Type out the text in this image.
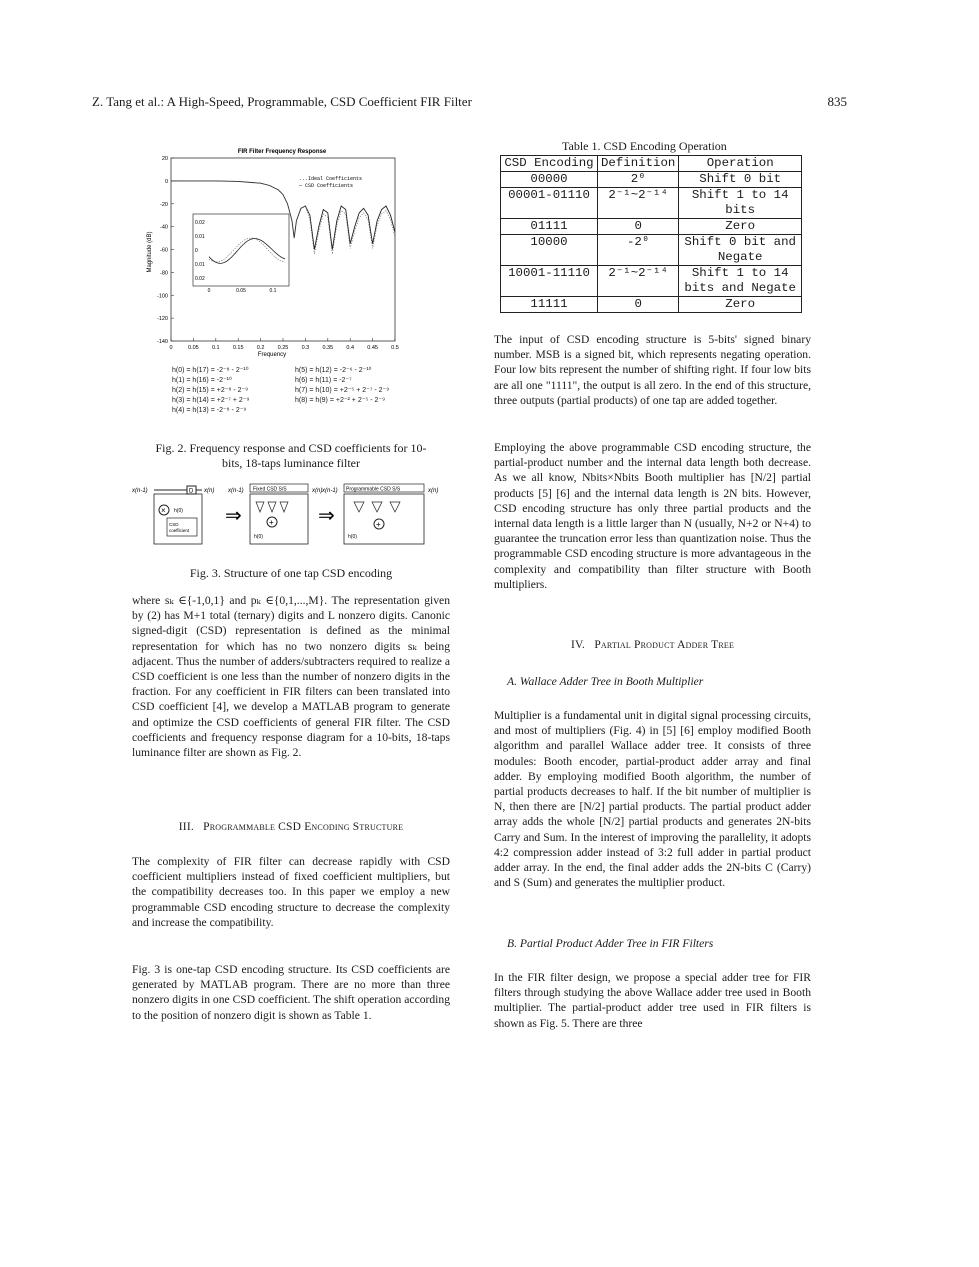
Z. Tang et al.: A High-Speed, Programmable, CSD Coefficient FIR Filter	835
FIR Filter Frequency Response
20
0
-20
-40
-60
-80
-100
-120
-140
0	0.05 0.1 0.15 0.2 0.25 0.3 0.35 0.4 0.45 0.5
Magnitude (dB)
Frequency
...Ideal Coefficients
— CSD Coefficients
0.02
0.01
0
0.01
0.02
0	0.05	0.1
h(0) = h(17) = -2⁻⁸ - 2⁻¹⁰
h(1) = h(16) = -2⁻¹⁰
h(2) = h(15) = +2⁻⁸ - 2⁻⁹
h(3) = h(14) = +2⁻⁷ + 2⁻⁹
h(4) = h(13) = -2⁻⁸ - 2⁻⁹
h(5) = h(12) = -2⁻⁶ - 2⁻¹⁰
h(6) = h(11) = -2⁻⁷
h(7) = h(10) = +2⁻⁵ + 2⁻⁷ - 2⁻⁹
h(8) = h(9) = +2⁻² + 2⁻⁵ - 2⁻⁹
Fig. 2. Frequency response and CSD coefficients for 10-
bits, 18-taps luminance filter
x(n-1)	D x(n)
× h(0)
CSD
coefficient
⇒
x(n-1) Fixed CSD S/S	x(n)
+
h(0)
⇒
x(n-1) Programmable CSD S/S	x(n)
+
h(0)
Fig. 3. Structure of one tap CSD encoding

where sₖ ∈{-1,0,1} and pₖ ∈{0,1,...,M}. The representation given by (2) has M+1 total (ternary) digits and L nonzero digits. Canonic signed-digit (CSD) representation is defined as the minimal representation for which has no two nonzero digits sₖ being adjacent. Thus the number of adders/subtracters required to realize a CSD coefficient is one less than the number of nonzero digits in the fraction. For any coefficient in FIR filters can been translated into CSD coefficient [4], we develop a MATLAB program to generate and optimize the CSD coefficients of general FIR filter. The CSD coefficients and frequency response diagram for a 10-bits, 18-taps luminance filter are shown as Fig. 2.

III. Programmable CSD Encoding Structure

The complexity of FIR filter can decrease rapidly with CSD coefficient multipliers instead of fixed coefficient multipliers, but the compatibility decreases too. In this paper we employ a new programmable CSD encoding structure to decrease the complexity and increase the compatibility.

Fig. 3 is one-tap CSD encoding structure. Its CSD coefficients are generated by MATLAB program. There are no more than three nonzero digits in one CSD coefficient. The shift operation according to the position of nonzero digit is shown as Table 1.

Table 1. CSD Encoding Operation
CSD Encoding	Definition	Operation
00000	2⁰	Shift 0 bit
00001-01110	2⁻¹~2⁻¹⁴	Shift 1 to 14 bits
01111	0	Zero
10000	-2⁰	Shift 0 bit and Negate
10001-11110	2⁻¹~2⁻¹⁴	Shift 1 to 14 bits and Negate
11111	0	Zero

The input of CSD encoding structure is 5-bits' signed binary number. MSB is a signed bit, which represents negating operation. Four low bits represent the number of shifting right. If four low bits are all one "1111", the output is all zero. In the end of this structure, three outputs (partial products) of one tap are added together.

Employing the above programmable CSD encoding structure, the partial-product number and the internal data length both decrease. As we all know, Nbits×Nbits Booth multiplier has [N/2] partial products [5] [6] and the internal data length is 2N bits. However, CSD encoding structure has only three partial products and the internal data length is a little larger than N (usually, N+2 or N+4) to guarantee the truncation error less than quantization noise. Thus the programmable CSD encoding structure is more advantageous in the complexity and compatibility than filter structure with Booth multipliers.

IV. Partial Product Adder Tree
A. Wallace Adder Tree in Booth Multiplier

Multiplier is a fundamental unit in digital signal processing circuits, and most of multipliers (Fig. 4) in [5] [6] employ modified Booth algorithm and parallel Wallace adder tree. It consists of three modules: Booth encoder, partial-product adder array and final adder. By employing modified Booth algorithm, the number of partial products decreases to half. If the bit number of multiplier is N, then there are [N/2] partial products. The partial product adder array adds the whole [N/2] partial products and generates 2N-bits Carry and Sum. In the interest of improving the parallelity, it adopts 4:2 compression adder instead of 3:2 full adder in partial product adder array. In the end, the final adder adds the 2N-bits C (Carry) and S (Sum) and generates the multiplier product.

B. Partial Product Adder Tree in FIR Filters

In the FIR filter design, we propose a special adder tree for FIR filters through studying the above Wallace adder tree used in Booth multiplier. The partial-product adder tree used in FIR filters is shown as Fig. 5. There are three
